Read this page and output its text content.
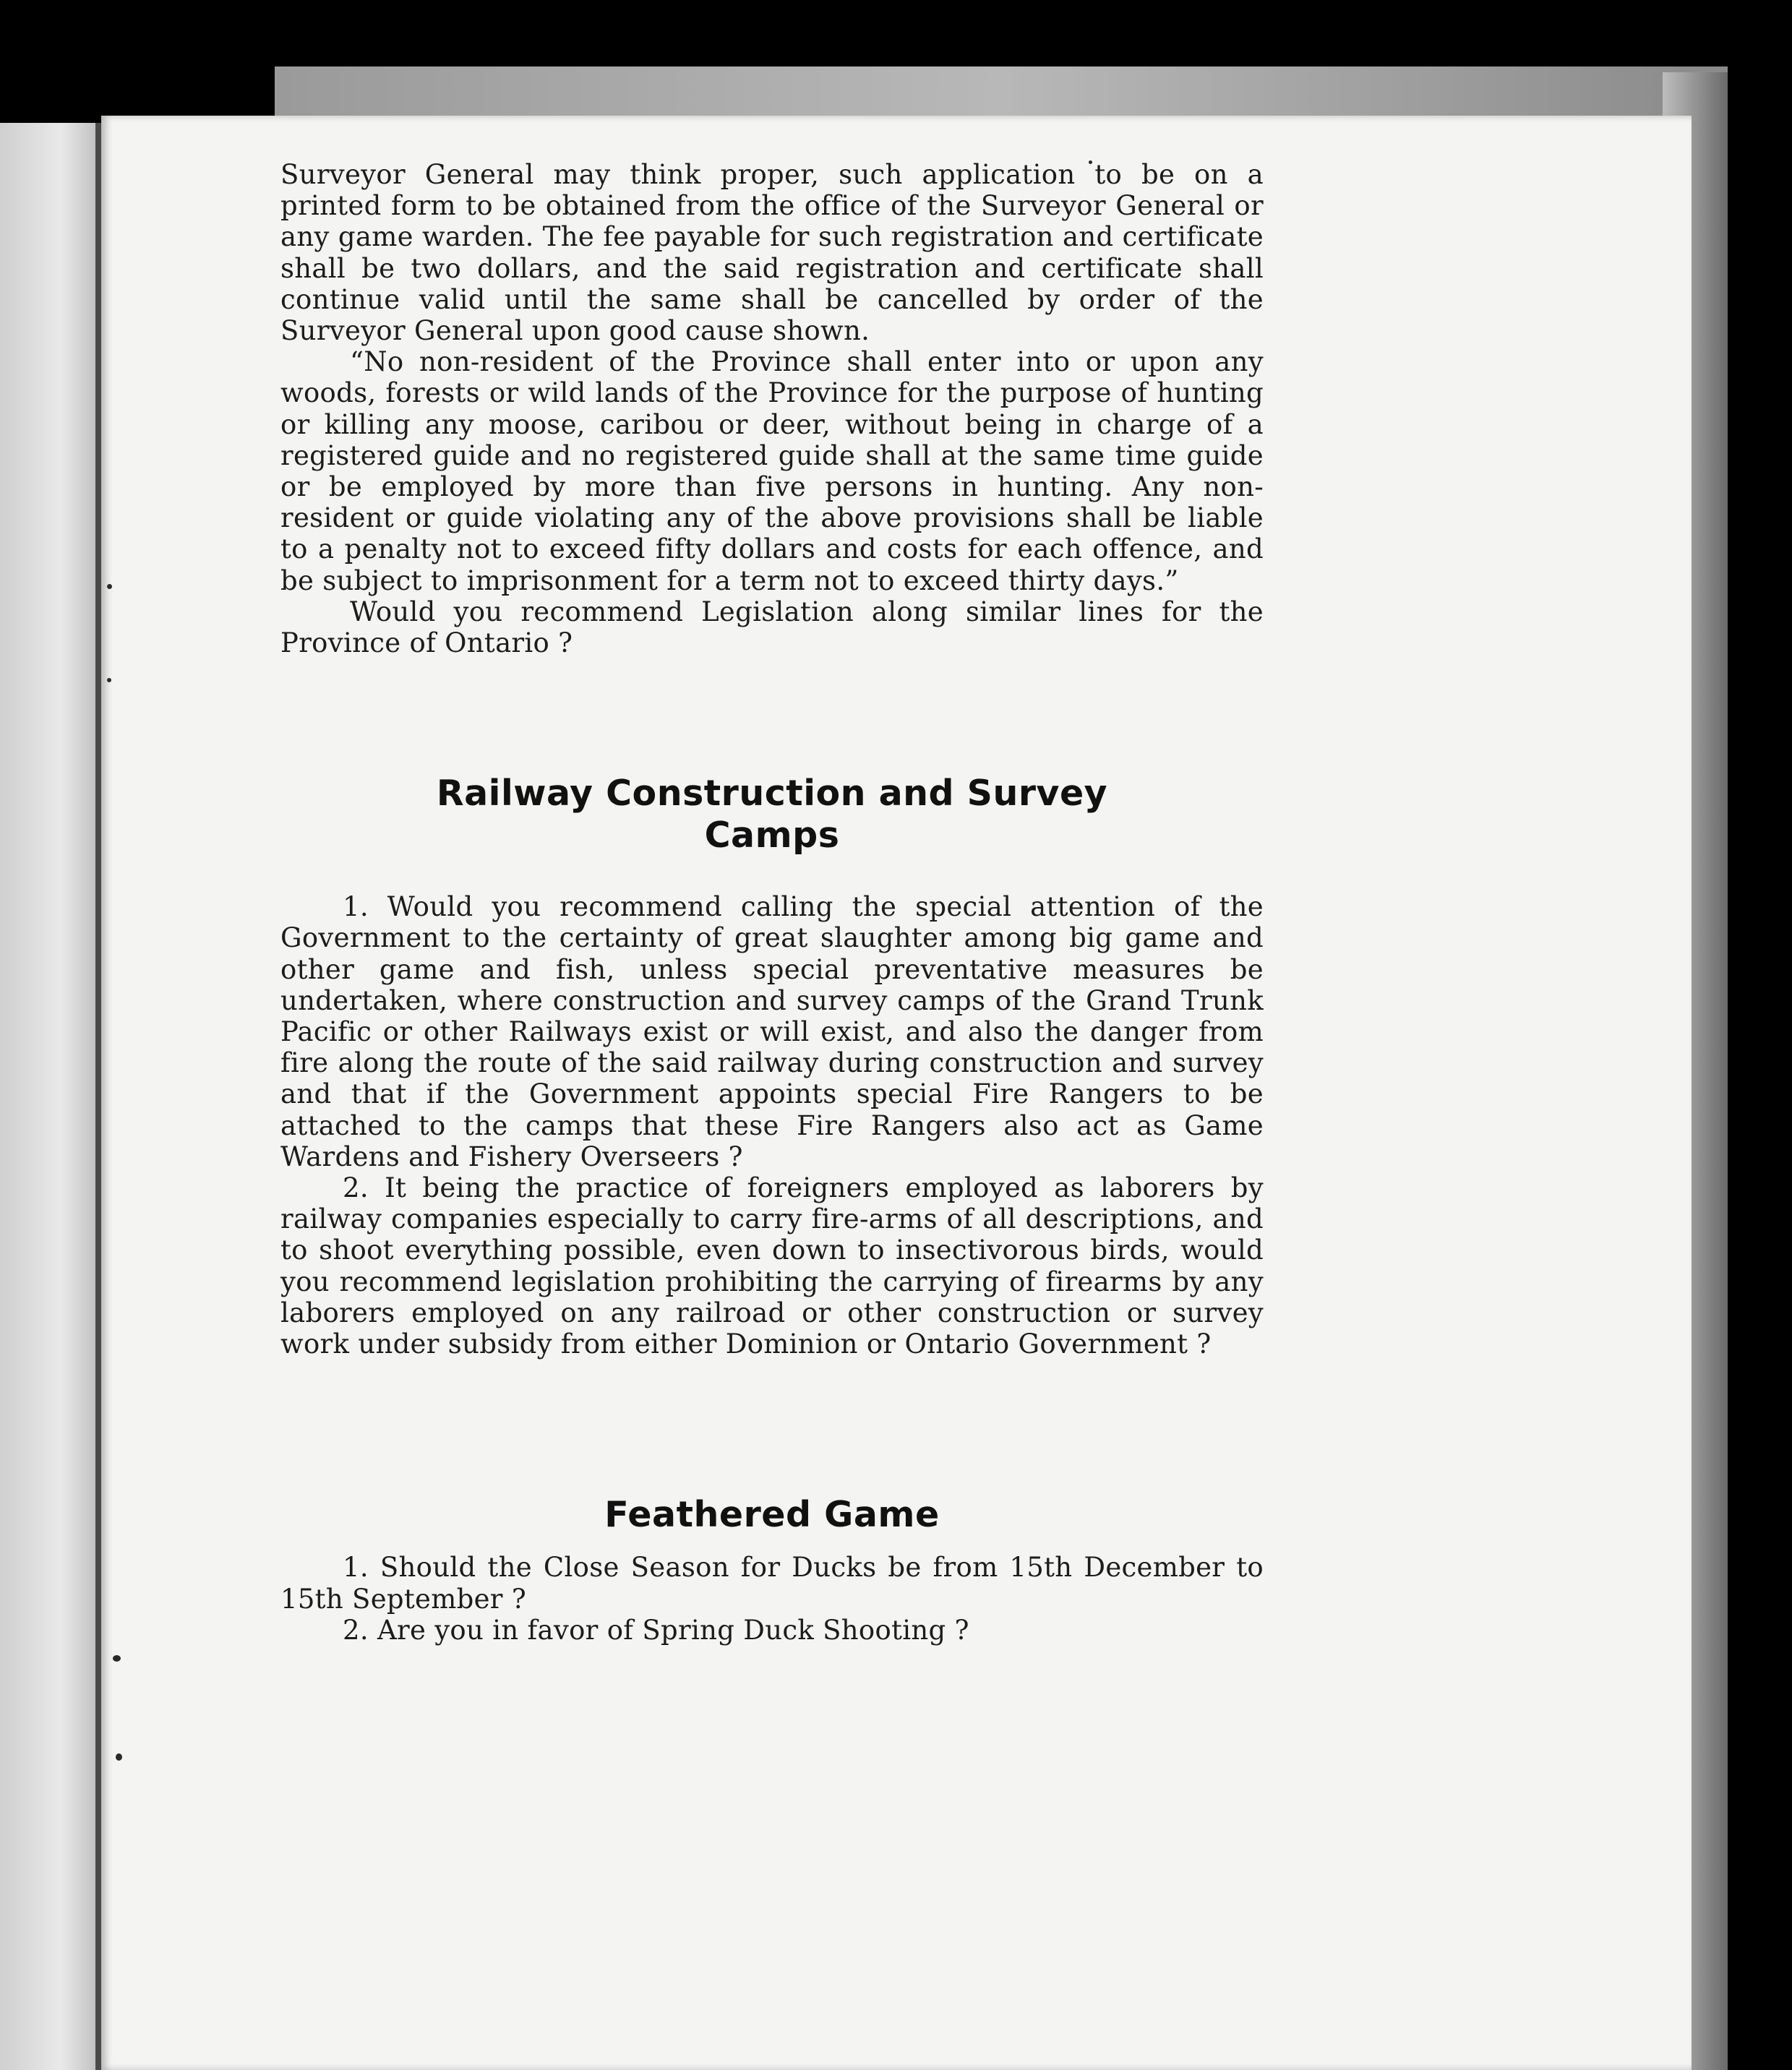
Surveyor General may think proper, such application to be on a printed form to be obtained from the office of the Surveyor General or any game warden. The fee payable for such registration and certificate shall be two dollars, and the said registration and certificate shall continue valid until the same shall be cancelled by order of the Surveyor General upon good cause shown.

“No non-resident of the Province shall enter into or upon any woods, forests or wild lands of the Province for the purpose of hunting or killing any moose, caribou or deer, without being in charge of a registered guide and no registered guide shall at the same time guide or be employed by more than five persons in hunting. Any non-resident or guide violating any of the above provisions shall be liable to a penalty not to exceed fifty dollars and costs for each offence, and be subject to imprisonment for a term not to exceed thirty days.”

Would you recommend Legislation along similar lines for the Province of Ontario ?

Railway Construction and Survey

Camps

1. Would you recommend calling the special attention of the Government to the certainty of great slaughter among big game and other game and fish, unless special preventative measures be undertaken, where construction and survey camps of the Grand Trunk Pacific or other Railways exist or will exist, and also the danger from fire along the route of the said railway during construction and survey and that if the Government appoints special Fire Rangers to be attached to the camps that these Fire Rangers also act as Game Wardens and Fishery Overseers ?

2. It being the practice of foreigners employed as laborers by railway companies especially to carry fire-arms of all descriptions, and to shoot everything possible, even down to insectivorous birds, would you recommend legislation prohibiting the carrying of firearms by any laborers employed on any railroad or other construction or survey work under subsidy from either Dominion or Ontario Government ?

Feathered Game

1. Should the Close Season for Ducks be from 15th December to 15th September ?

2. Are you in favor of Spring Duck Shooting ?
